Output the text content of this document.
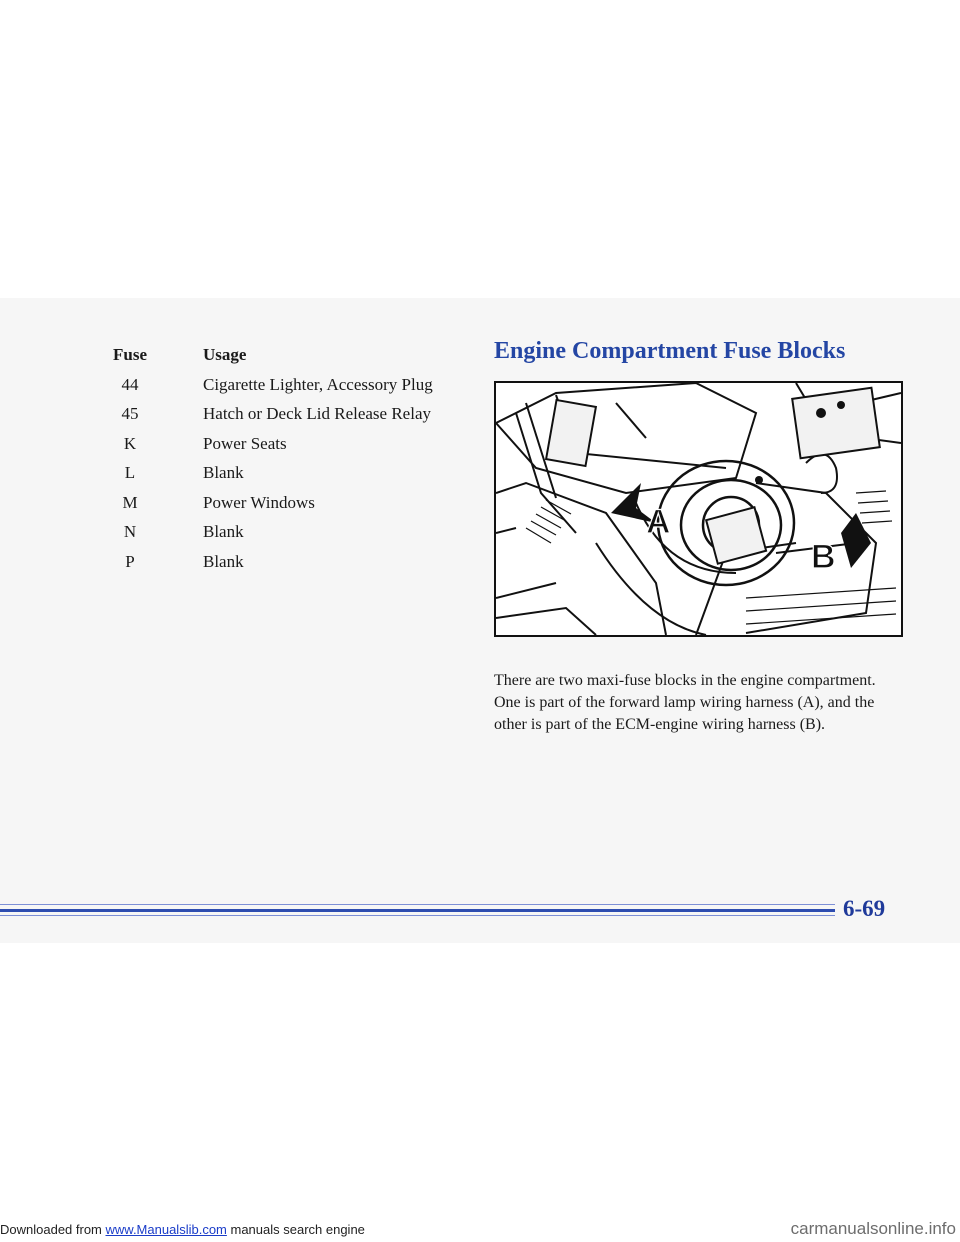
Fuse	Usage
44	Cigarette Lighter, Accessory Plug
45	Hatch or Deck Lid Release Relay
K	Power Seats
L	Blank
M	Power Windows
N	Blank
P	Blank
Engine Compartment Fuse Blocks
A
B

There are two maxi-fuse blocks in the engine compartment. One is part of the forward lamp wiring harness (A), and the other is part of the ECM-engine wiring harness (B).

6-69
Downloaded from www.Manualslib.com manuals search engine	carmanualsonline.info
